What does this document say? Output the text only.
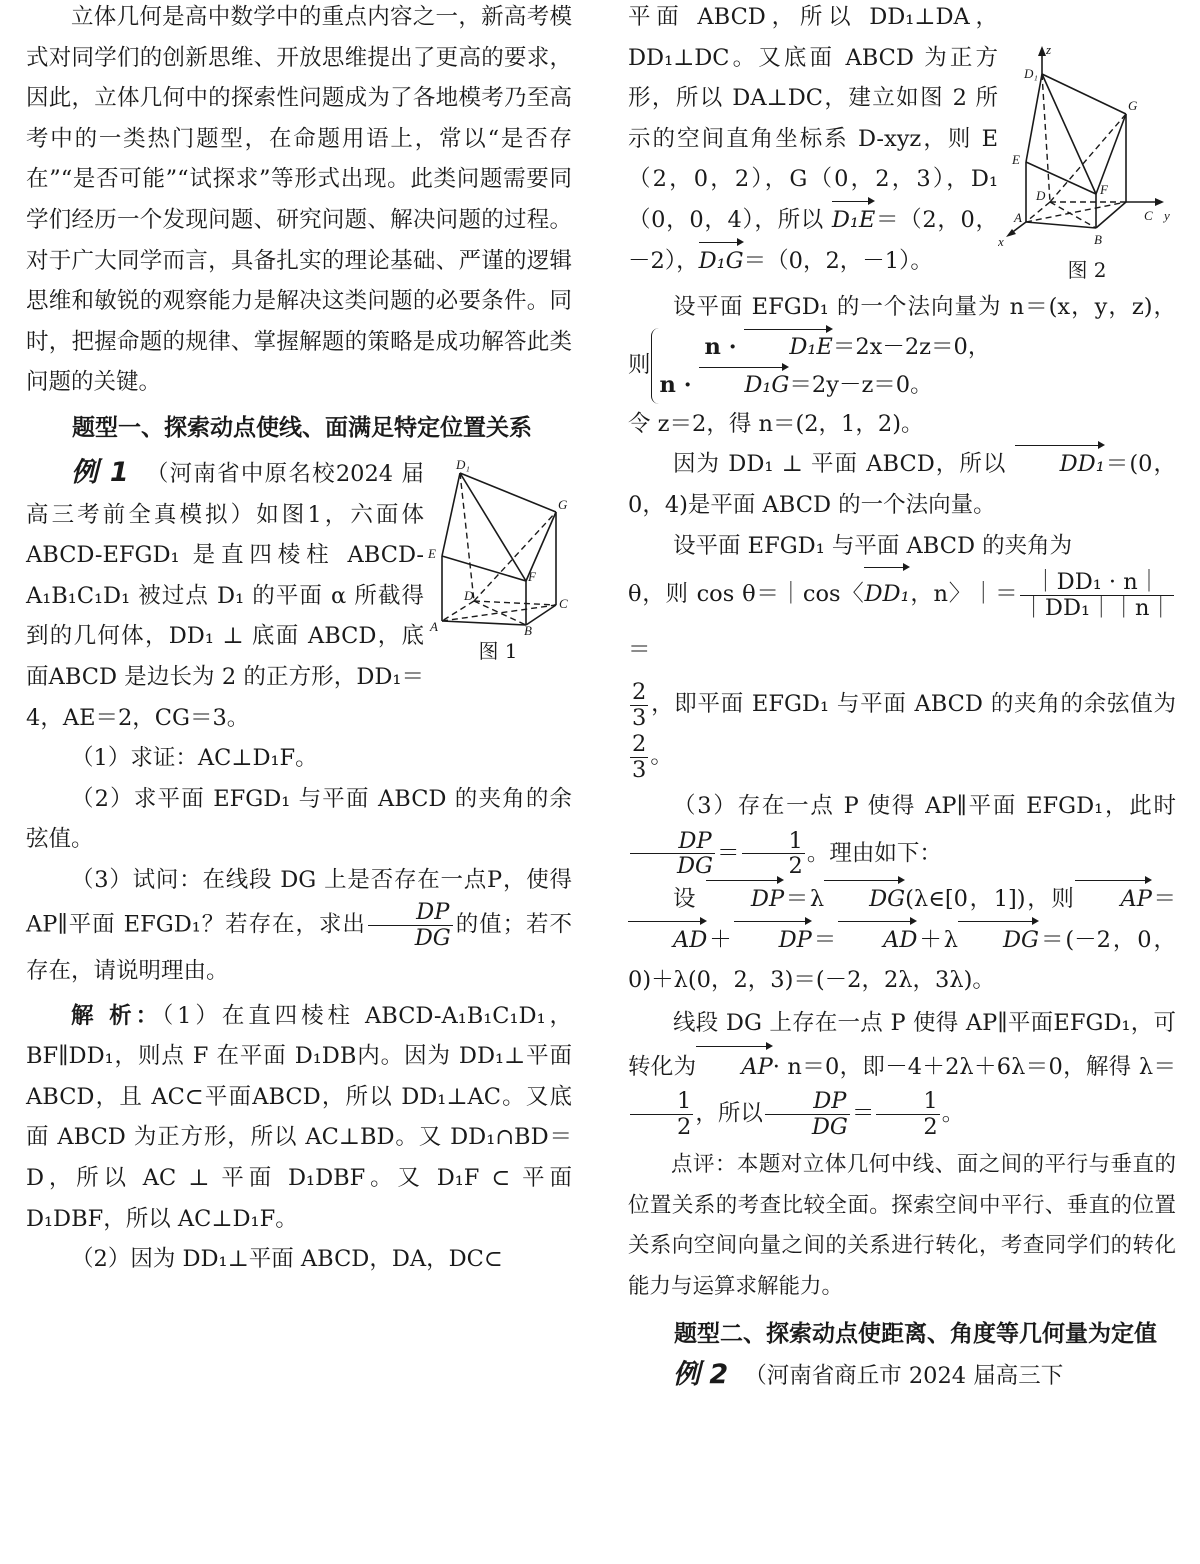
立体几何是高中数学中的重点内容之一，新高考模式对同学们的创新思维、开放思维提出了更高的要求，因此，立体几何中的探索性问题成为了各地模考乃至高考中的一类热门题型，在命题用语上，常以“是否存在”“是否可能”“试探求”等形式出现。此类问题需要同学们经历一个发现问题、研究问题、解决问题的过程。对于广大同学而言，具备扎实的理论基础、严谨的逻辑思维和敏锐的观察能力是解决这类问题的必要条件。同时，把握命题的规律、掌握解题的策略是成功解答此类问题的关键。

题型一、探索动点使线、面满足特定位置关系

D₁
G
E
D
F
C
A	B
图 1

例 1 （河南省中原名校2024 届高三考前全真模拟）如图1，六面体 ABCD-EFGD₁ 是直四棱柱 ABCD-A₁B₁C₁D₁ 被过点 D₁ 的平面 α 所截得到的几何体，DD₁ ⊥ 底面 ABCD，底面ABCD 是边长为 2 的正方形，DD₁＝4，AE＝2，CG＝3。

（1）求证：AC⊥D₁F。

（2）求平面 EFGD₁ 与平面 ABCD 的夹角的余弦值。

（3）试问：在线段 DG 上是否存在一点P，使得 AP∥平面 EFGD₁？若存在，求出 $\frac{DP}{DG}$ 的值；若不存在，请说明理由。

解 析：（1）在直四棱柱 ABCD-A₁B₁C₁D₁，BF∥DD₁，则点 F 在平面 D₁DB内。因为 DD₁⊥平面 ABCD，且 AC⊂平面ABCD，所以 DD₁⊥AC。又底面 ABCD 为正方形，所以 AC⊥BD。又 DD₁∩BD＝D，所以 AC ⊥ 平面 D₁DBF。又 D₁F ⊂ 平面D₁DBF，所以 AC⊥D₁F。

（2）因为 DD₁⊥平面 ABCD，DA，DC⊂

z
D₁
G
E
D	F
A
x	B
C y
图 2

平面 ABCD，所以 DD₁⊥DA，DD₁⊥DC。又底面 ABCD 为正方形，所以 DA⊥DC，建立如图 2 所示的空间直角坐标系 D-xyz，则 E（2，0，2），G（0，2，3），D₁（0，0，4），所以 D₁E＝（2，0，－2），D₁G＝（0，2，－1）。

设平面 EFGD₁ 的一个法向量为 n＝(x，y，z)，则n · D₁E＝2x－2z＝0，
n · D₁G＝2y－z＝0。

令 z＝2，得 n＝(2，1，2)。

因为 DD₁ ⊥ 平面 ABCD，所以 DD₁＝(0，0，4)是平面 ABCD 的一个法向量。

设平面 EFGD₁ 与平面 ABCD 的夹角为

θ，则 cos θ＝｜cos〈DD₁，n〉｜＝ $\frac{\text{｜DD₁ · n｜}}{\text{｜DD₁｜｜n｜}}$
＝

$\frac{2}{3}$ ，即平面 EFGD₁ 与平面 ABCD 的夹角的余弦值为
$\frac{2}{3}$ 。

（3）存在一点 P 使得 AP∥平面 EFGD₁，此时
$\frac{DP}{DG} = \frac{1}{2}$ 。理由如下：

设 DP＝λ DG(λ∈[0，1])，则 AP＝AD＋ DP＝ AD＋λ DG＝(－2，0，0)＋λ(0，2，3)＝(－2，2λ，3λ)。

线段 DG 上存在一点 P 使得 AP∥平面EFGD₁，可转化为 AP· n＝0，即－4＋2λ＋6λ＝0，解得 λ＝
$\frac{1}{2}$ ，所以 $\frac{DP}{DG} = \frac{1}{2}$ 。

点评：本题对立体几何中线、面之间的平行与垂直的位置关系的考查比较全面。探索空间中平行、垂直的位置关系向空间向量之间的关系进行转化，考查同学们的转化能力与运算求解能力。

题型二、探索动点使距离、角度等几何量为定值

例 2 （河南省商丘市 2024 届高三下
